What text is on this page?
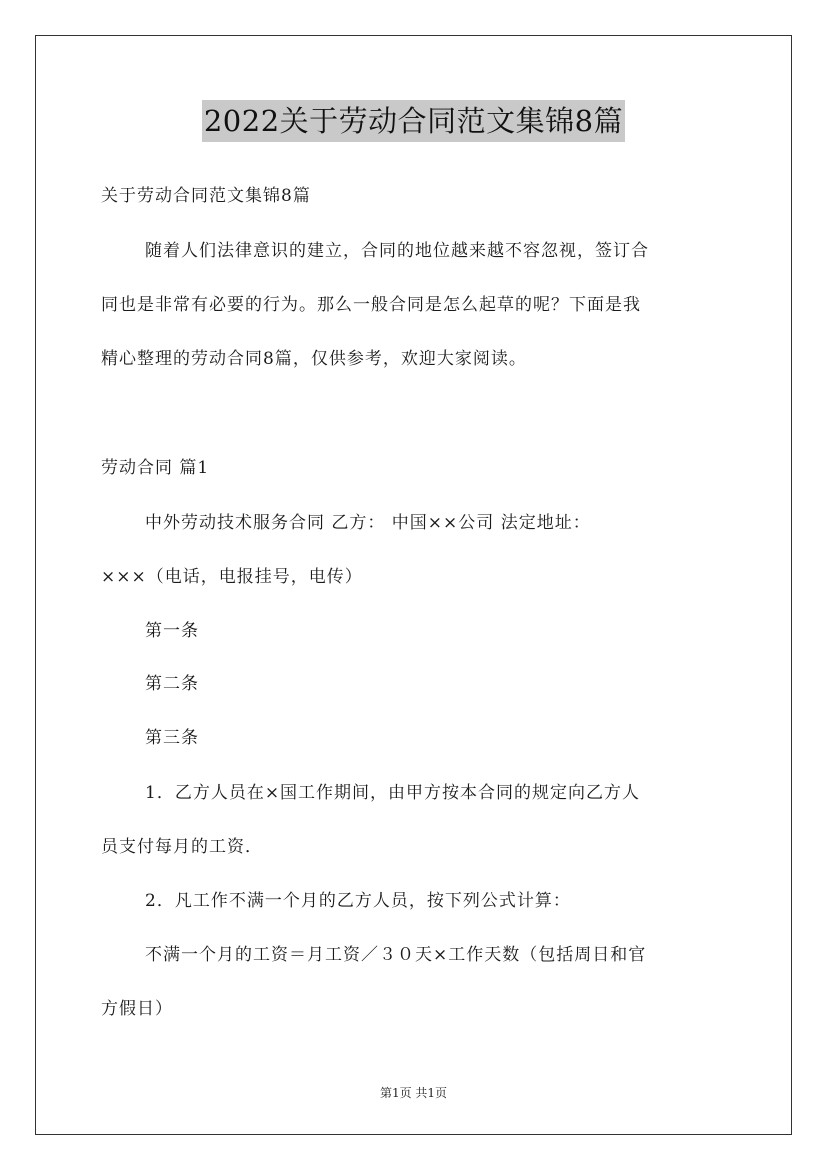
2022关于劳动合同范文集锦8篇
关于劳动合同范文集锦8篇
随着人们法律意识的建立，合同的地位越来越不容忽视，签订合
同也是非常有必要的行为。那么一般合同是怎么起草的呢？下面是我
精心整理的劳动合同8篇，仅供参考，欢迎大家阅读。
劳动合同 篇1
中外劳动技术服务合同 乙方： 中国××公司 法定地址：
×××（电话，电报挂号，电传）
第一条
第二条
第三条
1．乙方人员在×国工作期间，由甲方按本合同的规定向乙方人
员支付每月的工资．
2．凡工作不满一个月的乙方人员，按下列公式计算：
不满一个月的工资＝月工资／３０天×工作天数（包括周日和官
方假日）
第1页 共1页
